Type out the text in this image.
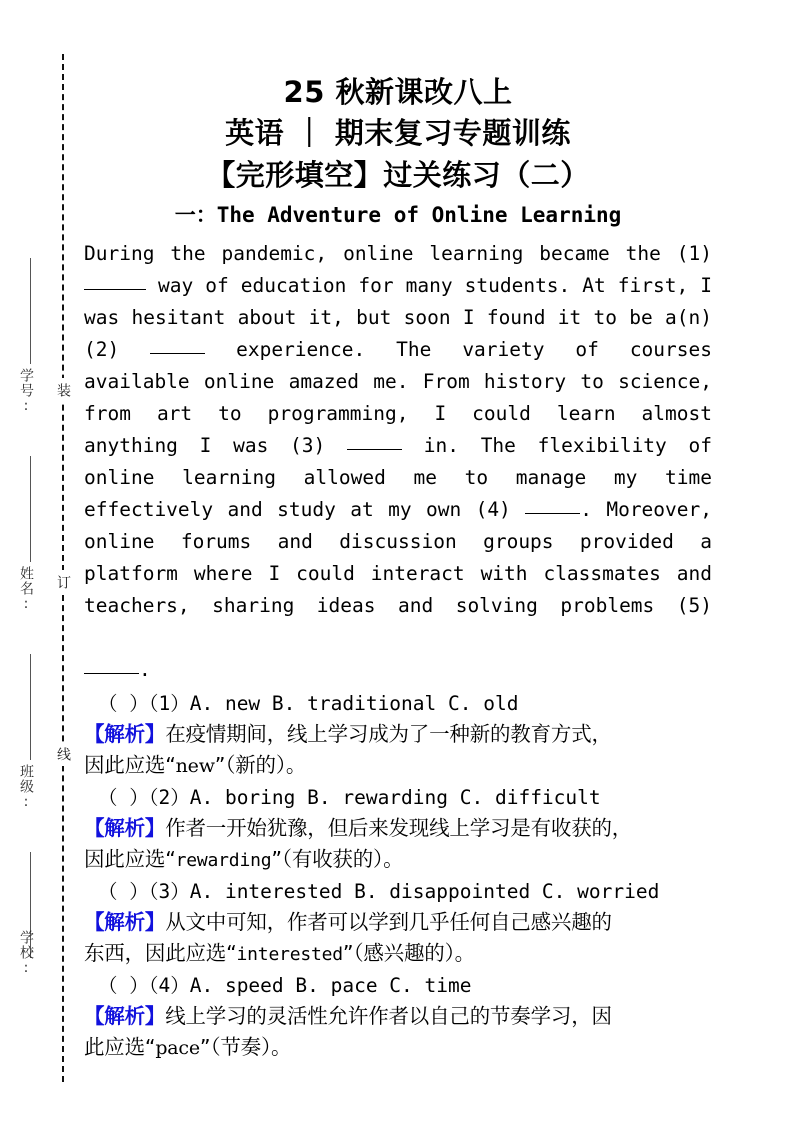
学号:
姓名:
班级:
学校:
装
订
线
25 秋新课改八上
英语 ｜ 期末复习专题训练
【完形填空】过关练习（二）
一：The Adventure of Online Learning
During the pandemic, online learning became the (1) way of education for many students. At first, I was hesitant about it, but soon I found it to be a(n) (2)	experience. The variety of courses available online amazed me. From history to science, from art to programming, I could learn almost anything I was (3)	in. The flexibility of online learning allowed me to manage my time effectively and study at my own (4)	. Moreover, online forums and discussion groups provided a platform where I could interact with classmates and teachers, sharing ideas and solving problems (5)
.
（ ）（1）A. new B. traditional C. old
【解析】在疫情期间，线上学习成为了一种新的教育方式，
因此应选“new”（新的）。
（ ）（2）A. boring B. rewarding C. difficult
【解析】作者一开始犹豫，但后来发现线上学习是有收获的，
因此应选“rewarding”（有收获的）。
（ ）（3）A. interested B. disappointed C. worried
【解析】从文中可知，作者可以学到几乎任何自己感兴趣的
东西，因此应选“interested”（感兴趣的）。
（ ）（4）A. speed B. pace C. time
【解析】线上学习的灵活性允许作者以自己的节奏学习，因
此应选“pace”（节奏）。
